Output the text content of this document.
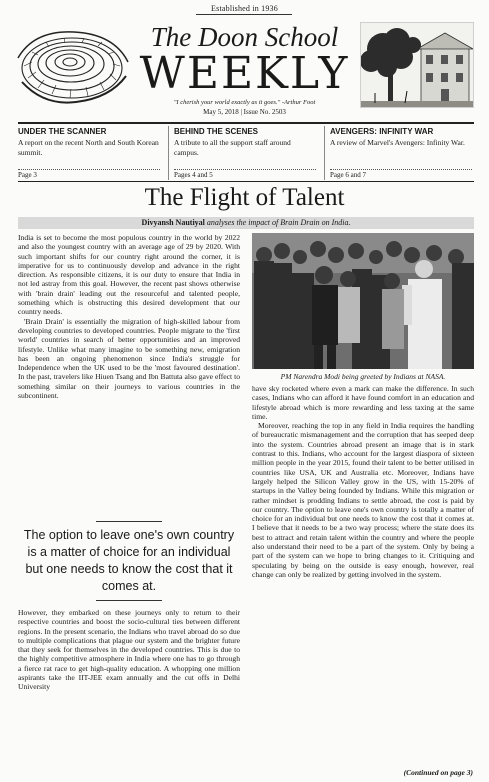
Established in 1936
The Doon School
WEEKLY
"I cherish your world exactly as it goes." -Arthur Foot
May 5, 2018 | Issue No. 2503
UNDER THE SCANNER

A report on the recent North and South Korean summit.

Page 3
BEHIND THE SCENES

A tribute to all the support staff around campus.

Pages 4 and 5
AVENGERS: INFINITY WAR

A review of Marvel's Avengers: Infinity War.

Page 6 and 7
The Flight of Talent
Divyansh Nautiyal analyses the impact of Brain Drain on India.

India is set to become the most populous country in the world by 2022 and also the youngest country with an average age of 29 by 2020. With such important shifts for our country right around the corner, it is imperative for us to continuously develop and advance in the right direction. As responsible citizens, it is our duty to ensure that India in not led astray from this goal. However, the recent past shows otherwise with 'brain drain' leading out the resourceful and talented people, something which is obstructing this desired development that our country needs.

'Brain Drain' is essentially the migration of high-skilled labour from developing countries to developed countries. People migrate to the 'first world' countries in search of better opportunities and an improved lifestyle. Unlike what many imagine to be something new, emigration has been an ongoing phenomenon since India's struggle for Independence when the UK used to be the 'most favoured destination'. In the past, travelers like Hiuen Tsang and Ibn Battuta also gave effect to something similar on their journeys to various countries in the subcontinent.

The option to leave one's own country is a matter of choice for an individual but one needs to know the cost that it comes at.

However, they embarked on these journeys only to return to their respective countries and boost the socio-cultural ties between different regions. In the present scenario, the Indians who travel abroad do so due to multiple complications that plague our system and the brighter future that they seek for themselves in the developed countries. This is due to the highly competitive atmosphere in India where one has to go through a fierce rat race to get high-quality education. A whopping one million aspirants take the IIT-JEE exam annually and the cut offs in Delhi University

PM Narendra Modi being greeted by Indians at NASA.

have sky rocketed where even a mark can make the difference. In such cases, Indians who can afford it have found comfort in an education and lifestyle abroad which is more rewarding and less taxing at the same time.

Moreover, reaching the top in any field in India requires the handling of bureaucratic mismanagement and the corruption that has seeped deep into the system. Countries abroad present an image that is in stark contrast to this. Indians, who account for the largest diaspora of sixteen million people in the year 2015, found their talent to be better utilised in countries like USA, UK and Australia etc. Moreover, Indians have largely helped the Silicon Valley grow in the US, with 15-20% of startups in the Valley being founded by Indians. While this migration or rather mindset is prodding Indians to settle abroad, the cost is paid by our country. The option to leave one's own country is totally a matter of choice for an individual but one needs to know the cost that it comes at. I believe that it needs to be a two way process; where the state does its best to attract and retain talent within the country and where the people also understand their need to be a part of the system. Only by being a part of the system can we hope to bring changes to it. Critiquing and speculating by being on the outside is easy enough, however, real change can only be realized by getting involved in the system.

(Continued on page 3)
